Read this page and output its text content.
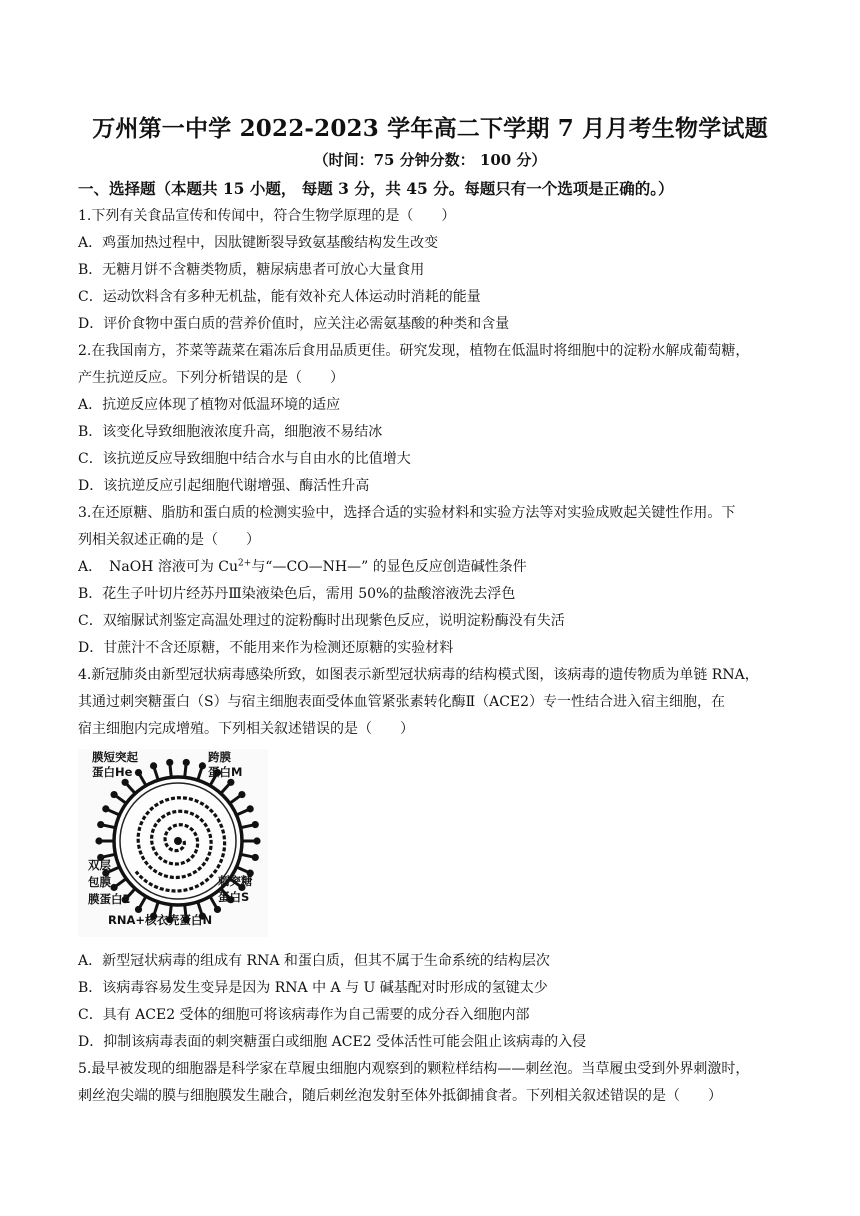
万州第一中学 2022-2023 学年高二下学期 7 月月考生物学试题
（时间：75 分钟分数： 100 分）
一、选择题（本题共 15 小题， 每题 3 分，共 45 分。每题只有一个选项是正确的。）
1.下列有关食品宣传和传闻中，符合生物学原理的是（　　）
A．鸡蛋加热过程中，因肽键断裂导致氨基酸结构发生改变
B．无糖月饼不含糖类物质，糖尿病患者可放心大量食用
C．运动饮料含有多种无机盐，能有效补充人体运动时消耗的能量
D．评价食物中蛋白质的营养价值时，应关注必需氨基酸的种类和含量
2.在我国南方，芥菜等蔬菜在霜冻后食用品质更佳。研究发现，植物在低温时将细胞中的淀粉水解成葡萄糖，
产生抗逆反应。下列分析错误的是（　　）
A．抗逆反应体现了植物对低温环境的适应
B．该变化导致细胞液浓度升高，细胞液不易结冰
C．该抗逆反应导致细胞中结合水与自由水的比值增大
D．该抗逆反应引起细胞代谢增强、酶活性升高
3.在还原糖、脂肪和蛋白质的检测实验中，选择合适的实验材料和实验方法等对实验成败起关键性作用。下
列相关叙述正确的是（　　）
A．　NaOH 溶液可为 $Cu^{2+}$与“—CO—NH—” 的显色反应创造碱性条件
B．花生子叶切片经苏丹Ⅲ染液染色后，需用 50%的盐酸溶液洗去浮色
C．双缩脲试剂鉴定高温处理过的淀粉酶时出现紫色反应，说明淀粉酶没有失活
D．甘蔗汁不含还原糖，不能用来作为检测还原糖的实验材料
4.新冠肺炎由新型冠状病毒感染所致，如图表示新型冠状病毒的结构模式图，该病毒的遗传物质为单链 RNA，
其通过刺突糖蛋白（S）与宿主细胞表面受体血管紧张素转化酶Ⅱ（ACE2）专一性结合进入宿主细胞，在
宿主细胞内完成增殖。下列相关叙述错误的是（　　）
膜短突起
蛋白He
跨膜
蛋白M
双层
包膜
膜蛋白E
刺突糖
蛋白S
RNA+核衣壳蛋白N
A．新型冠状病毒的组成有 RNA 和蛋白质，但其不属于生命系统的结构层次
B．该病毒容易发生变异是因为 RNA 中 A 与 U 碱基配对时形成的氢键太少
C．具有 ACE2 受体的细胞可将该病毒作为自己需要的成分吞入细胞内部
D．抑制该病毒表面的刺突糖蛋白或细胞 ACE2 受体活性可能会阻止该病毒的入侵
5.最早被发现的细胞器是科学家在草履虫细胞内观察到的颗粒样结构——刺丝泡。当草履虫受到外界刺激时，
刺丝泡尖端的膜与细胞膜发生融合，随后刺丝泡发射至体外抵御捕食者。下列相关叙述错误的是（　　）
